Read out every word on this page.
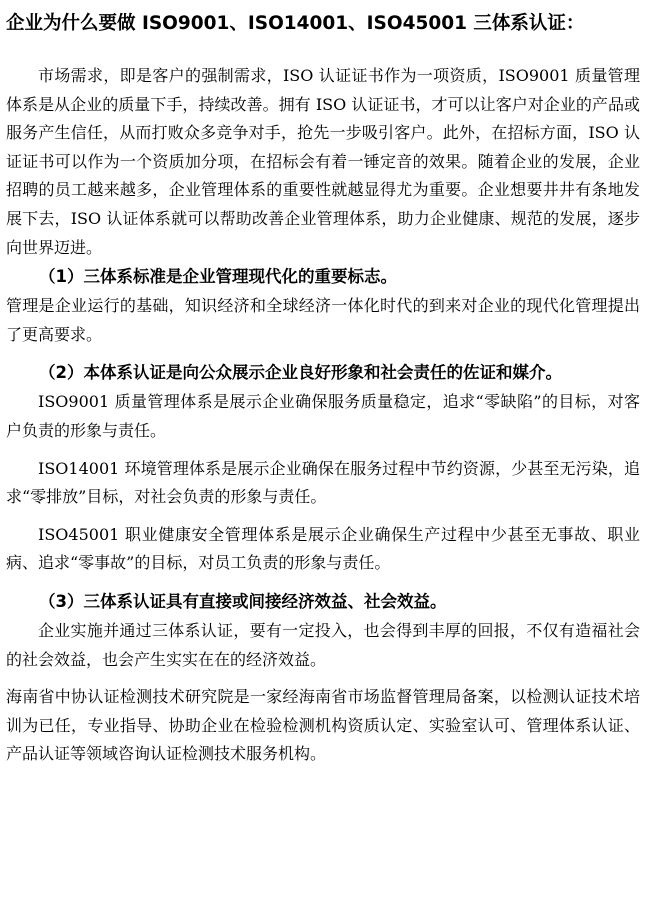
企业为什么要做 ISO9001、ISO14001、ISO45001 三体系认证：

市场需求，即是客户的强制需求，ISO 认证证书作为一项资质，ISO9001 质量管理体系是从企业的质量下手，持续改善。拥有 ISO 认证证书，才可以让客户对企业的产品或服务产生信任，从而打败众多竞争对手，抢先一步吸引客户。此外，在招标方面，ISO 认证证书可以作为一个资质加分项，在招标会有着一锤定音的效果。随着企业的发展，企业招聘的员工越来越多，企业管理体系的重要性就越显得尤为重要。企业想要井井有条地发展下去，ISO 认证体系就可以帮助改善企业管理体系，助力企业健康、规范的发展，逐步向世界迈进。

（1）三体系标准是企业管理现代化的重要标志。

管理是企业运行的基础，知识经济和全球经济一体化时代的到来对企业的现代化管理提出了更高要求。

（2）本体系认证是向公众展示企业良好形象和社会责任的佐证和媒介。

ISO9001 质量管理体系是展示企业确保服务质量稳定，追求“零缺陷”的目标，对客户负责的形象与责任。

ISO14001 环境管理体系是展示企业确保在服务过程中节约资源，少甚至无污染，追求“零排放”目标，对社会负责的形象与责任。

ISO45001 职业健康安全管理体系是展示企业确保生产过程中少甚至无事故、职业病、追求“零事故”的目标，对员工负责的形象与责任。

（3）三体系认证具有直接或间接经济效益、社会效益。

企业实施并通过三体系认证，要有一定投入，也会得到丰厚的回报，不仅有造福社会的社会效益，也会产生实实在在的经济效益。

海南省中协认证检测技术研究院是一家经海南省市场监督管理局备案，以检测认证技术培训为已任，专业指导、协助企业在检验检测机构资质认定、实验室认可、管理体系认证、产品认证等领域咨询认证检测技术服务机构。
